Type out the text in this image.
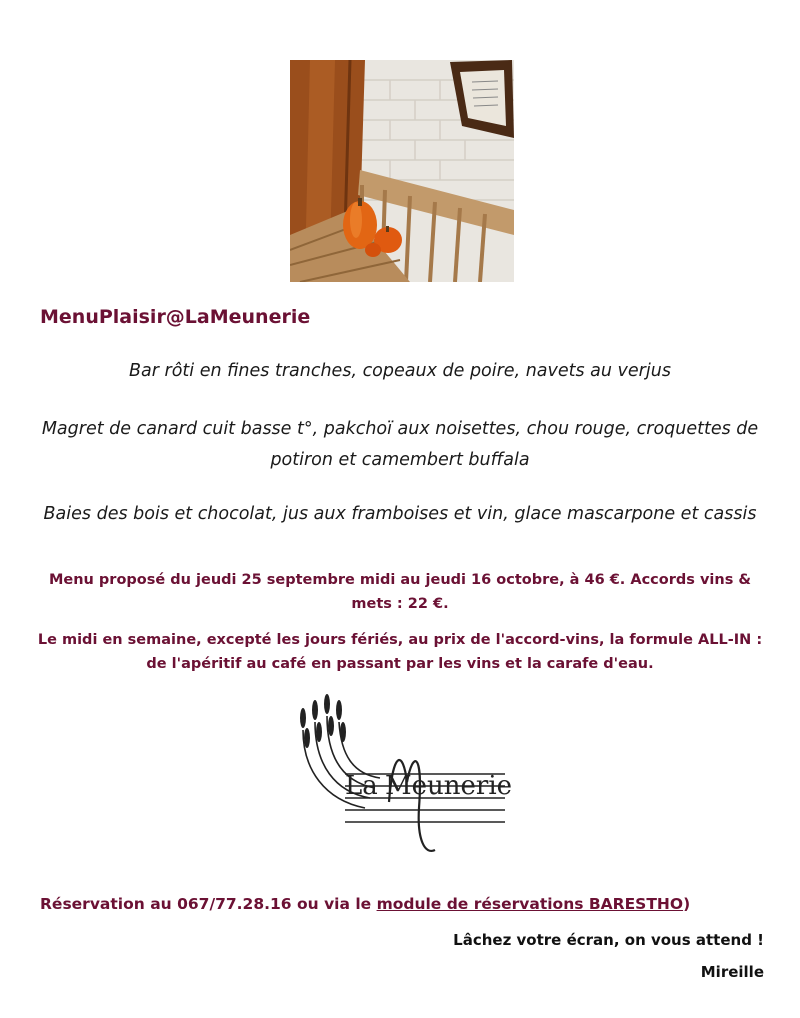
MenuPlaisir@LaMeunerie

Bar rôti en fines tranches, copeaux de poire, navets au verjus

Magret de canard cuit basse t°, pakchoï aux noisettes, chou rouge, croquettes de potiron et camembert buffala

Baies des bois et chocolat, jus aux framboises et vin, glace mascarpone et cassis

Menu proposé du jeudi 25 septembre midi au jeudi 16 octobre, à 46 €. Accords vins & mets : 22 €.

Le midi en semaine, excepté les jours fériés, au prix de l'accord-vins, la formule ALL-IN : de l'apéritif au café en passant par les vins et la carafe d'eau.

La Meunerie
Réservation au 067/77.28.16 ou via le module de réservations BARESTHO)
Lâchez votre écran, on vous attend !
Mireille
